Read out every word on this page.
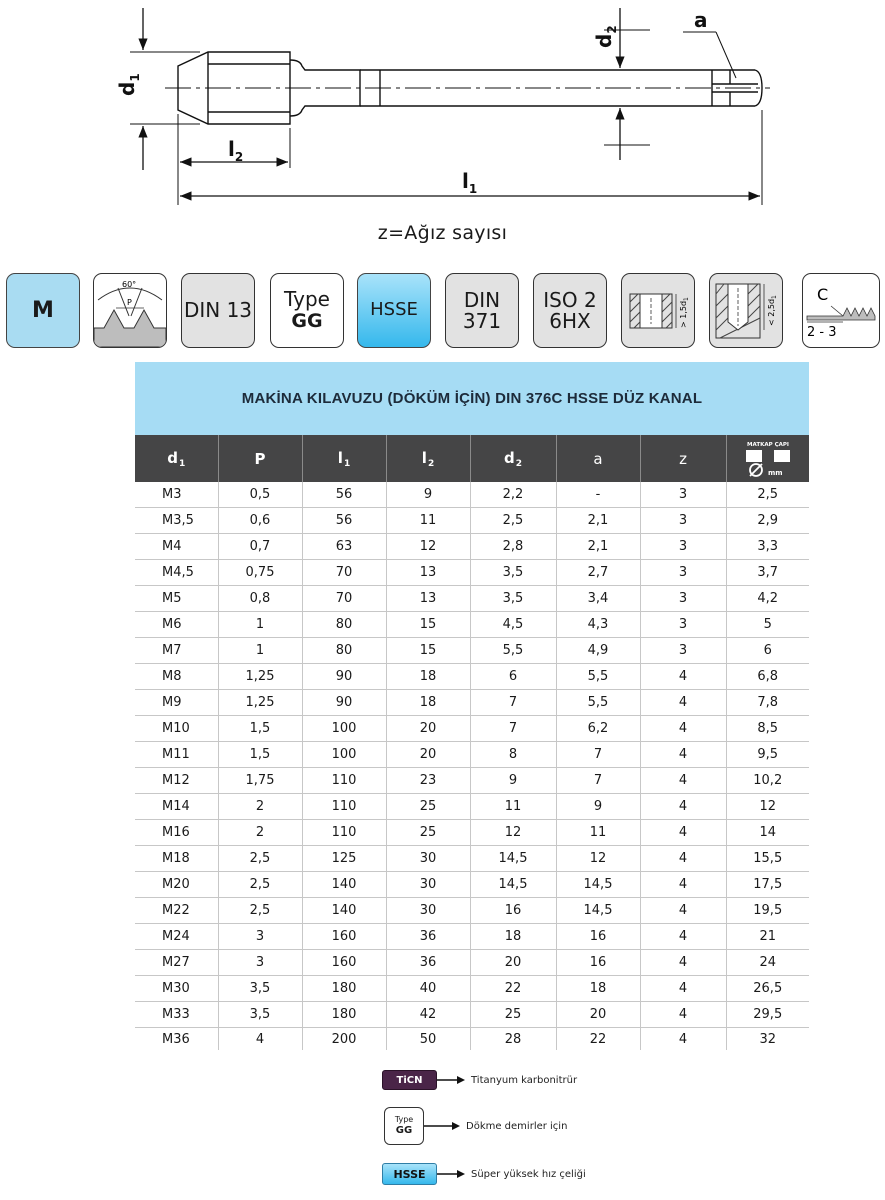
$d_1$
$d_2$
$l_2$
$l_1$
a
z=Ağız sayısı
M
60°
P	DIN 13 Type
GG
HSSE DIN
371
ISO 2
6HX	> $1,5d_1$	< $2,5d_1$ C
2 - 3
MAKİNA KILAVUZU (DÖKÜM İÇİN) DIN 376C HSSE DÜZ KANAL
$d_1$	P	$l_1$	$l_2$	$d_2$	a	z	MATKAP ÇAPI
mm

M3	0,5	56	9	2,2	-	3	2,5
M3,5	0,6	56	11	2,5	2,1	3	2,9
M4	0,7	63	12	2,8	2,1	3	3,3
M4,5	0,75	70	13	3,5	2,7	3	3,7
M5	0,8	70	13	3,5	3,4	3	4,2
M6	1	80	15	4,5	4,3	3	5
M7	1	80	15	5,5	4,9	3	6
M8	1,25	90	18	6	5,5	4	6,8
M9	1,25	90	18	7	5,5	4	7,8
M10	1,5	100	20	7	6,2	4	8,5
M11	1,5	100	20	8	7	4	9,5
M12	1,75	110	23	9	7	4	10,2
M14	2	110	25	11	9	4	12
M16	2	110	25	12	11	4	14
M18	2,5	125	30	14,5	12	4	15,5
M20	2,5	140	30	14,5	14,5	4	17,5
M22	2,5	140	30	16	14,5	4	19,5
M24	3	160	36	18	16	4	21
M27	3	160	36	20	16	4	24
M30	3,5	180	40	22	18	4	26,5
M33	3,5	180	42	25	20	4	29,5
M36	4	200	50	28	22	4	32
TiCN	Titanyum karbonitrür
Type
GG	Dökme demirler için
HSSE	Süper yüksek hız çeliği
